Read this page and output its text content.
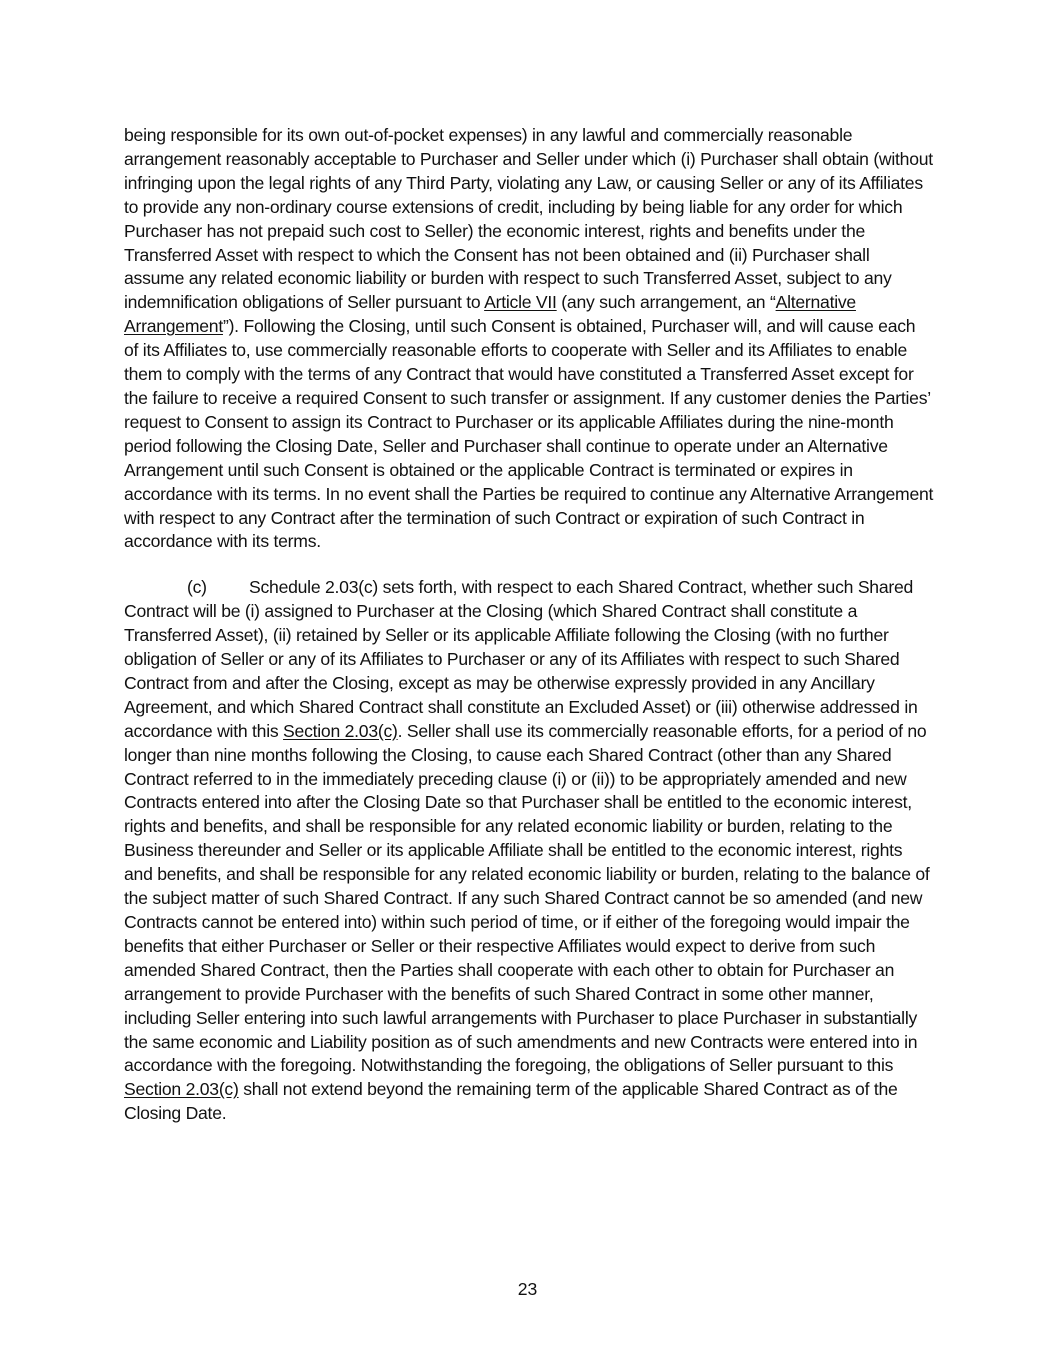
being responsible for its own out-of-pocket expenses) in any lawful and commercially reasonable arrangement reasonably acceptable to Purchaser and Seller under which (i) Purchaser shall obtain (without infringing upon the legal rights of any Third Party, violating any Law, or causing Seller or any of its Affiliates to provide any non-ordinary course extensions of credit, including by being liable for any order for which Purchaser has not prepaid such cost to Seller) the economic interest, rights and benefits under the Transferred Asset with respect to which the Consent has not been obtained and (ii) Purchaser shall assume any related economic liability or burden with respect to such Transferred Asset, subject to any indemnification obligations of Seller pursuant to Article VII (any such arrangement, an “Alternative Arrangement”). Following the Closing, until such Consent is obtained, Purchaser will, and will cause each of its Affiliates to, use commercially reasonable efforts to cooperate with Seller and its Affiliates to enable them to comply with the terms of any Contract that would have constituted a Transferred Asset except for the failure to receive a required Consent to such transfer or assignment. If any customer denies the Parties’ request to Consent to assign its Contract to Purchaser or its applicable Affiliates during the nine-month period following the Closing Date, Seller and Purchaser shall continue to operate under an Alternative Arrangement until such Consent is obtained or the applicable Contract is terminated or expires in accordance with its terms. In no event shall the Parties be required to continue any Alternative Arrangement with respect to any Contract after the termination of such Contract or expiration of such Contract in accordance with its terms.

(c) Schedule 2.03(c) sets forth, with respect to each Shared Contract, whether such Shared Contract will be (i) assigned to Purchaser at the Closing (which Shared Contract shall constitute a Transferred Asset), (ii) retained by Seller or its applicable Affiliate following the Closing (with no further obligation of Seller or any of its Affiliates to Purchaser or any of its Affiliates with respect to such Shared Contract from and after the Closing, except as may be otherwise expressly provided in any Ancillary Agreement, and which Shared Contract shall constitute an Excluded Asset) or (iii) otherwise addressed in accordance with this Section 2.03(c). Seller shall use its commercially reasonable efforts, for a period of no longer than nine months following the Closing, to cause each Shared Contract (other than any Shared Contract referred to in the immediately preceding clause (i) or (ii)) to be appropriately amended and new Contracts entered into after the Closing Date so that Purchaser shall be entitled to the economic interest, rights and benefits, and shall be responsible for any related economic liability or burden, relating to the Business thereunder and Seller or its applicable Affiliate shall be entitled to the economic interest, rights and benefits, and shall be responsible for any related economic liability or burden, relating to the balance of the subject matter of such Shared Contract. If any such Shared Contract cannot be so amended (and new Contracts cannot be entered into) within such period of time, or if either of the foregoing would impair the benefits that either Purchaser or Seller or their respective Affiliates would expect to derive from such amended Shared Contract, then the Parties shall cooperate with each other to obtain for Purchaser an arrangement to provide Purchaser with the benefits of such Shared Contract in some other manner, including Seller entering into such lawful arrangements with Purchaser to place Purchaser in substantially the same economic and Liability position as of such amendments and new Contracts were entered into in accordance with the foregoing. Notwithstanding the foregoing, the obligations of Seller pursuant to this Section 2.03(c) shall not extend beyond the remaining term of the applicable Shared Contract as of the Closing Date.

23
